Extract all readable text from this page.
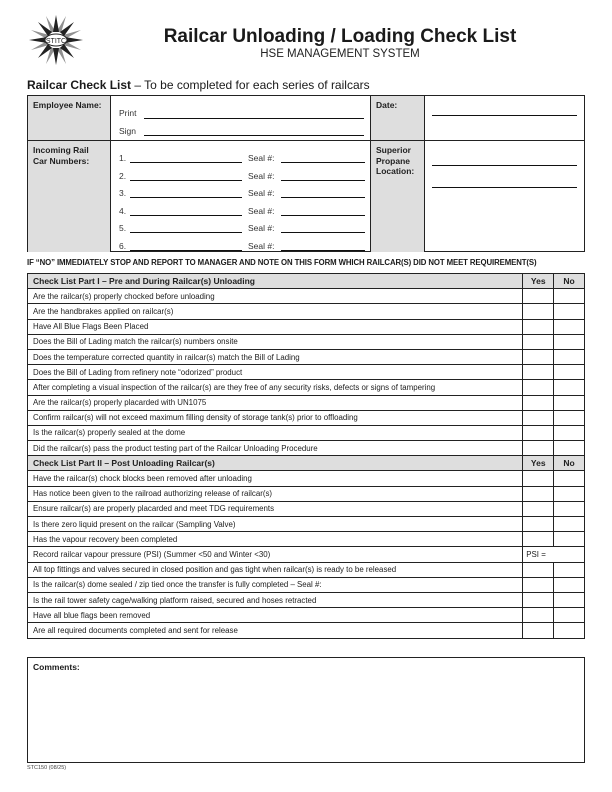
STITC	Railcar Unloading / Loading Check List
HSE MANAGEMENT SYSTEM
Railcar Check List – To be completed for each series of railcars
Employee Name:
Print
Sign
Date:
Incoming Rail Car Numbers:	1.	Seal #:
2.	Seal #:
3.	Seal #:
4.	Seal #:
5.	Seal #:
6.	Seal #:
Superior Propane Location:
IF “NO” IMMEDIATELY STOP AND REPORT TO MANAGER AND NOTE ON THIS FORM WHICH RAILCAR(S) DID NOT MEET REQUIREMENT(S)
Check List Part I – Pre and During Railcar(s) Unloading	Yes	No
Are the railcar(s) properly chocked before unloading		
Are the handbrakes applied on railcar(s)		
Have All Blue Flags Been Placed		
Does the Bill of Lading match the railcar(s) numbers onsite		
Does the temperature corrected quantity in railcar(s) match the Bill of Lading		
Does the Bill of Lading from refinery note “odorized” product		
After completing a visual inspection of the railcar(s) are they free of any security risks, defects or signs of tampering		
Are the railcar(s) properly placarded with UN1075		
Confirm railcar(s) will not exceed maximum filling density of storage tank(s) prior to offloading		
Is the railcar(s) properly sealed at the dome		
Did the railcar(s) pass the product testing part of the Railcar Unloading Procedure		
Check List Part II – Post Unloading Railcar(s)	Yes	No
Have the railcar(s) chock blocks been removed after unloading		
Has notice been given to the railroad authorizing release of railcar(s)		
Ensure railcar(s) are properly placarded and meet TDG requirements		
Is there zero liquid present on the railcar (Sampling Valve)		
Has the vapour recovery been completed		
Record railcar vapour pressure (PSI) (Summer <50 and Winter <30)	PSI =	
All top fittings and valves secured in closed position and gas tight when railcar(s) is ready to be released		
Is the railcar(s) dome sealed / zip tied once the transfer is fully completed – Seal #:		
Is the rail tower safety cage/walking platform raised, secured and hoses retracted		
Have all blue flags been removed		
Are all required documents completed and sent for release		
Comments:
STC150 (08/25)
